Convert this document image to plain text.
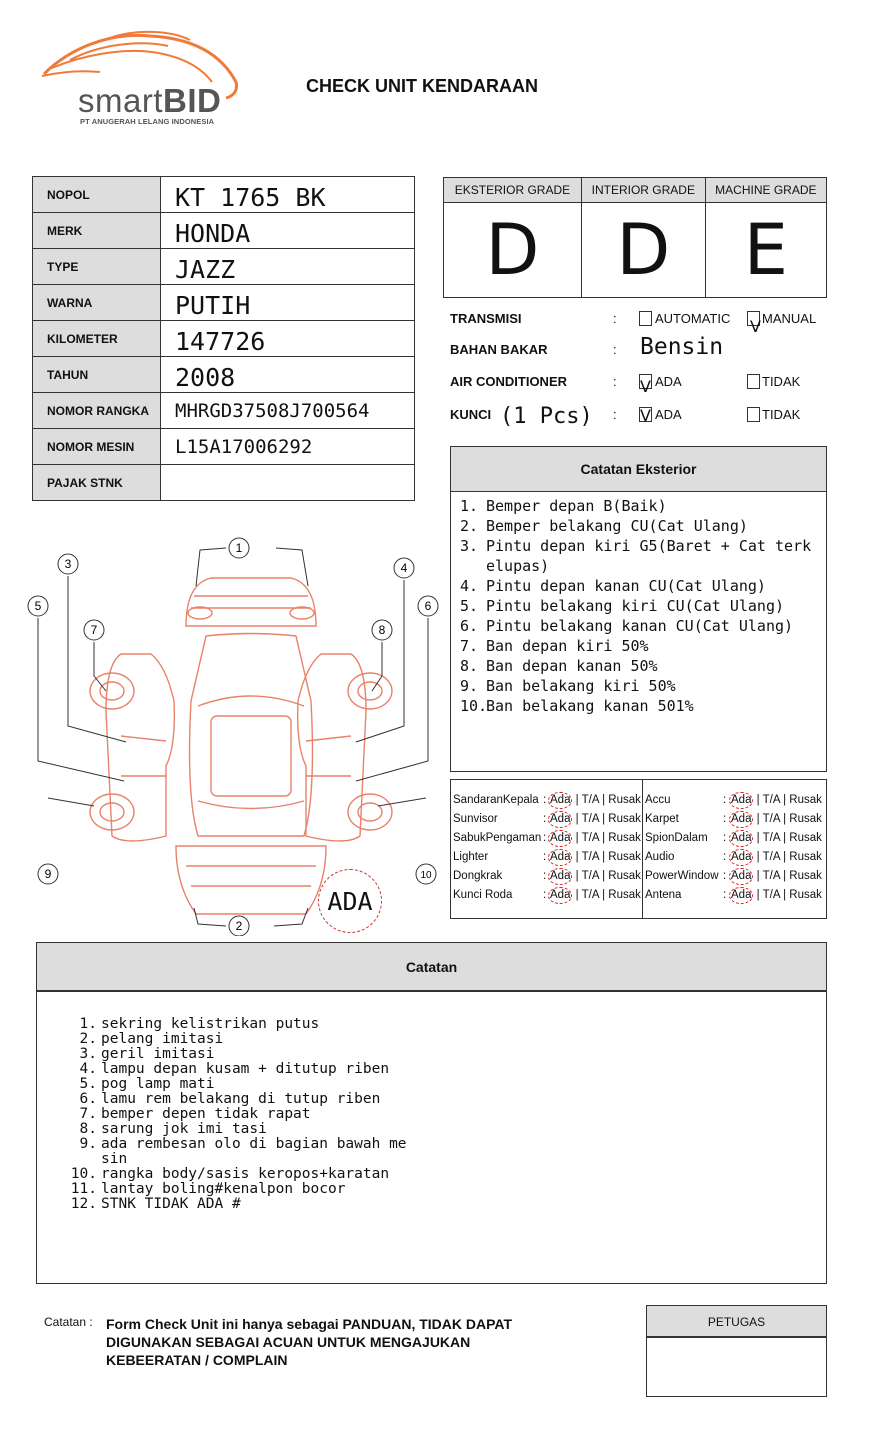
smartBID
PT ANUGERAH LELANG INDONESIA
CHECK UNIT KENDARAAN
NOPOL	KT 1765 BK
MERK	HONDA
TYPE	JAZZ
WARNA	PUTIH
KILOMETER	147726
TAHUN	2008
NOMOR RANGKA	MHRGD37508J700564
NOMOR MESIN	L15A17006292
PAJAK STNK	
EKSTERIOR GRADE	INTERIOR GRADE	MACHINE GRADE
D	D	E
TRANSMISI	:	AUTOMATIC V MANUAL
BAHAN BAKAR	: Bensin
AIR CONDITIONER	: V ADA	TIDAK
KUNCI (1 Pcs) : V ADA	TIDAK
Catatan Eksterior
1. Bemper depan B(Baik)
2. Bemper belakang CU(Cat Ulang)
3. Pintu depan kiri G5(Baret + Cat terk elupas)
4. Pintu depan kanan CU(Cat Ulang)
5. Pintu belakang kiri CU(Cat Ulang)
6. Pintu belakang kanan CU(Cat Ulang)
7. Ban depan kiri 50%
8. Ban depan kanan 50%
9. Ban belakang kiri 50%
10.
Ban belakang kanan 501%
SandaranKepala : Ada | T/A | Rusak
Sunvisor	: Ada | T/A | Rusak
SabukPengaman : Ada | T/A | Rusak
Lighter	: Ada | T/A | Rusak
Dongkrak	: Ada | T/A | Rusak
Kunci Roda	: Ada | T/A | Rusak
Accu	: Ada | T/A | Rusak
Karpet	: Ada | T/A | Rusak
SpionDalam : Ada | T/A | Rusak
Audio	: Ada | T/A | Rusak
PowerWindow : Ada | T/A | Rusak
Antena	: Ada | T/A | Rusak
1
2
3	4
5	6
7	8
9	10
ADA
Catatan
1. sekring kelistrikan putus
2. pelang imitasi
3. geril imitasi
4. lampu depan kusam + ditutup riben
5. pog lamp mati
6. lamu rem belakang di tutup riben
7. bemper depen tidak rapat
8. sarung jok imi tasi
9. ada rembesan olo di bagian bawah me sin
10. rangka body/sasis keropos+karatan
11. lantay boling#kenalpon bocor
12. STNK TIDAK ADA #
Catatan : Form Check Unit ini hanya sebagai PANDUAN, TIDAK DAPAT DIGUNAKAN SEBAGAI ACUAN UNTUK MENGAJUKAN KEBEERATAN / COMPLAIN
PETUGAS
